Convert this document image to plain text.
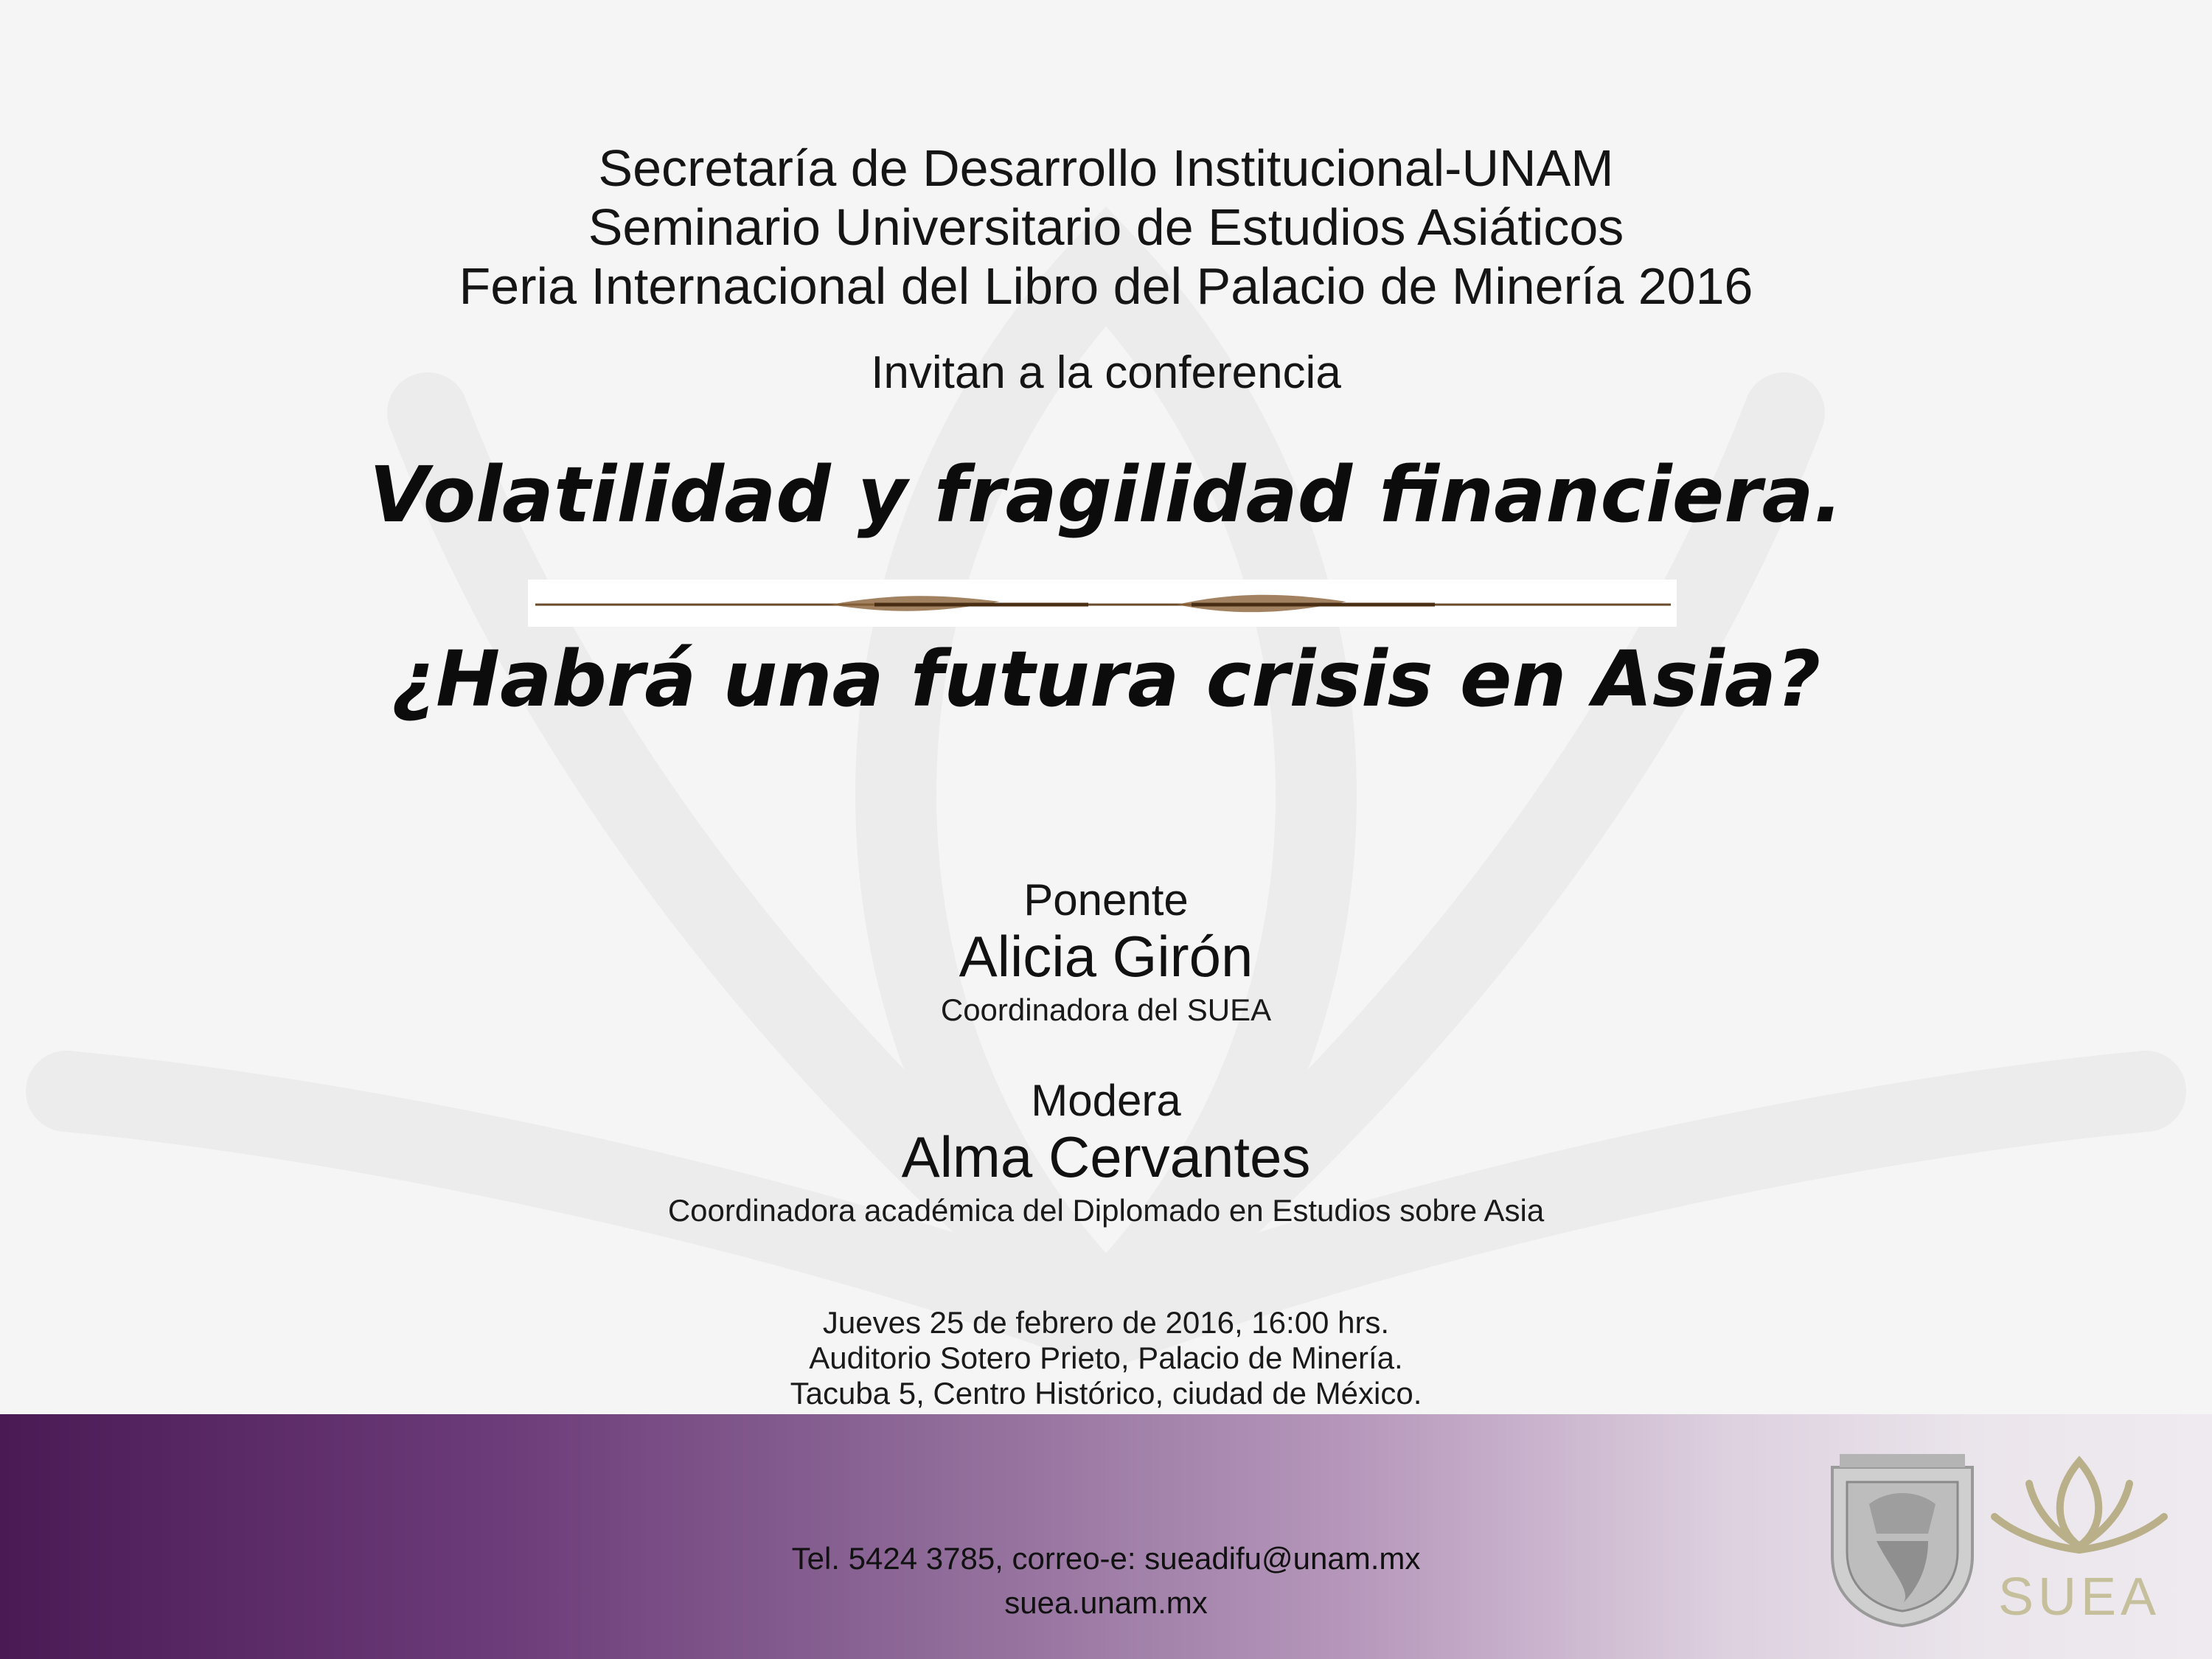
Secretaría de Desarrollo Institucional-UNAM
Seminario Universitario de Estudios Asiáticos
Feria Internacional del Libro del Palacio de Minería 2016
Invitan a la conferencia
Volatilidad y fragilidad financiera.
¿Habrá una futura crisis en Asia?
Ponente
Alicia Girón
Coordinadora del SUEA
Modera
Alma Cervantes
Coordinadora académica del Diplomado en Estudios sobre Asia
Jueves 25 de febrero de 2016, 16:00 hrs.
Auditorio Sotero Prieto, Palacio de Minería.
Tacuba 5, Centro Histórico, ciudad de México.
Tel. 5424 3785, correo-e: sueadifu@unam.mx
suea.unam.mx	SUEA
